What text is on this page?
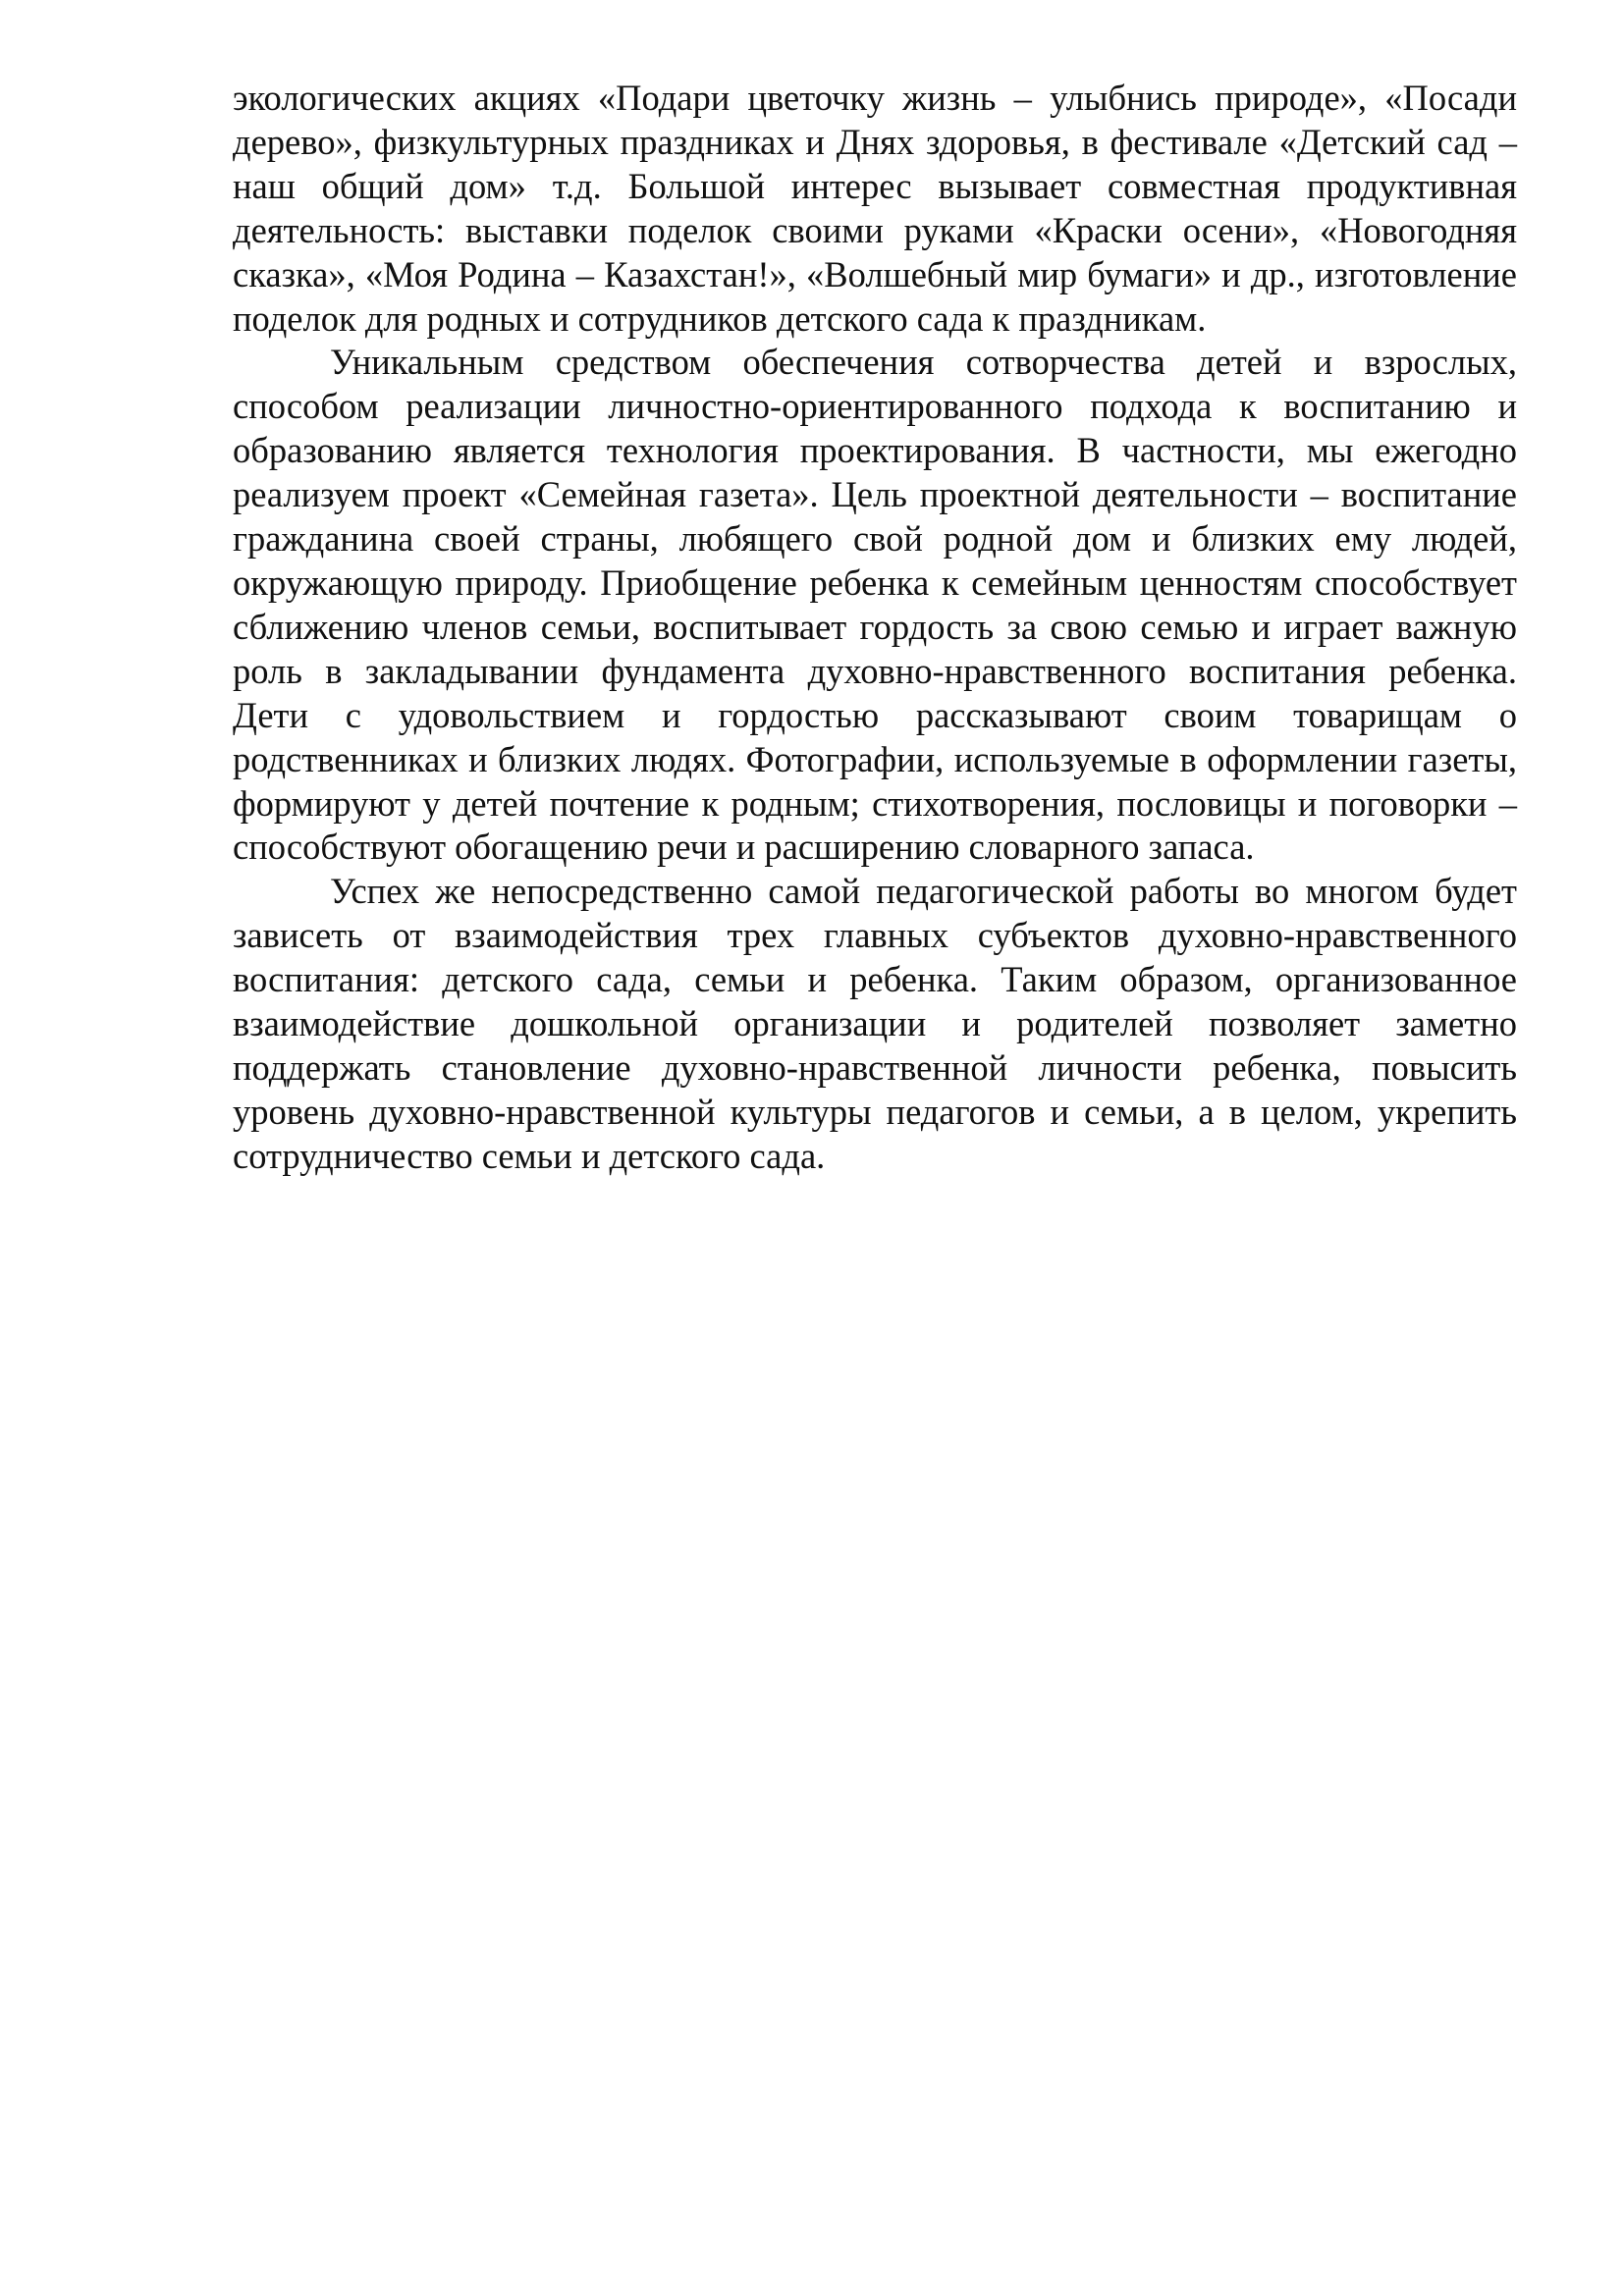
экологических акциях «Подари цветочку жизнь – улыбнись природе», «Посади дерево», физкультурных праздниках и Днях здоровья, в фестивале «Детский сад – наш общий дом» т.д. Большой интерес вызывает совместная продуктивная деятельность: выставки поделок своими руками «Краски осени», «Новогодняя сказка», «Моя Родина – Казахстан!», «Волшебный мир бумаги» и др., изготовление поделок для родных и сотрудников детского сада к праздникам.

Уникальным средством обеспечения сотворчества детей и взрослых, способом реализации личностно-ориентированного подхода к воспитанию и образованию является технология проектирования. В частности, мы ежегодно реализуем проект «Семейная газета». Цель проектной деятельности – воспитание гражданина своей страны, любящего свой родной дом и близких ему людей, окружающую природу. Приобщение ребенка к семейным ценностям способствует сближению членов семьи, воспитывает гордость за свою семью и играет важную роль в закладывании фундамента духовно-нравственного воспитания ребенка. Дети с удовольствием и гордостью рассказывают своим товарищам о родственниках и близких людях. Фотографии, используемые в оформлении газеты, формируют у детей почтение к родным; стихотворения, пословицы и поговорки – способствуют обогащению речи и расширению словарного запаса.

Успех же непосредственно самой педагогической работы во многом будет зависеть от взаимодействия трех главных субъектов духовно-нравственного воспитания: детского сада, семьи и ребенка. Таким образом, организованное взаимодействие дошкольной организации и родителей позволяет заметно поддержать становление духовно-нравственной личности ребенка, повысить уровень духовно-нравственной культуры педагогов и семьи, а в целом, укрепить сотрудничество семьи и детского сада.
